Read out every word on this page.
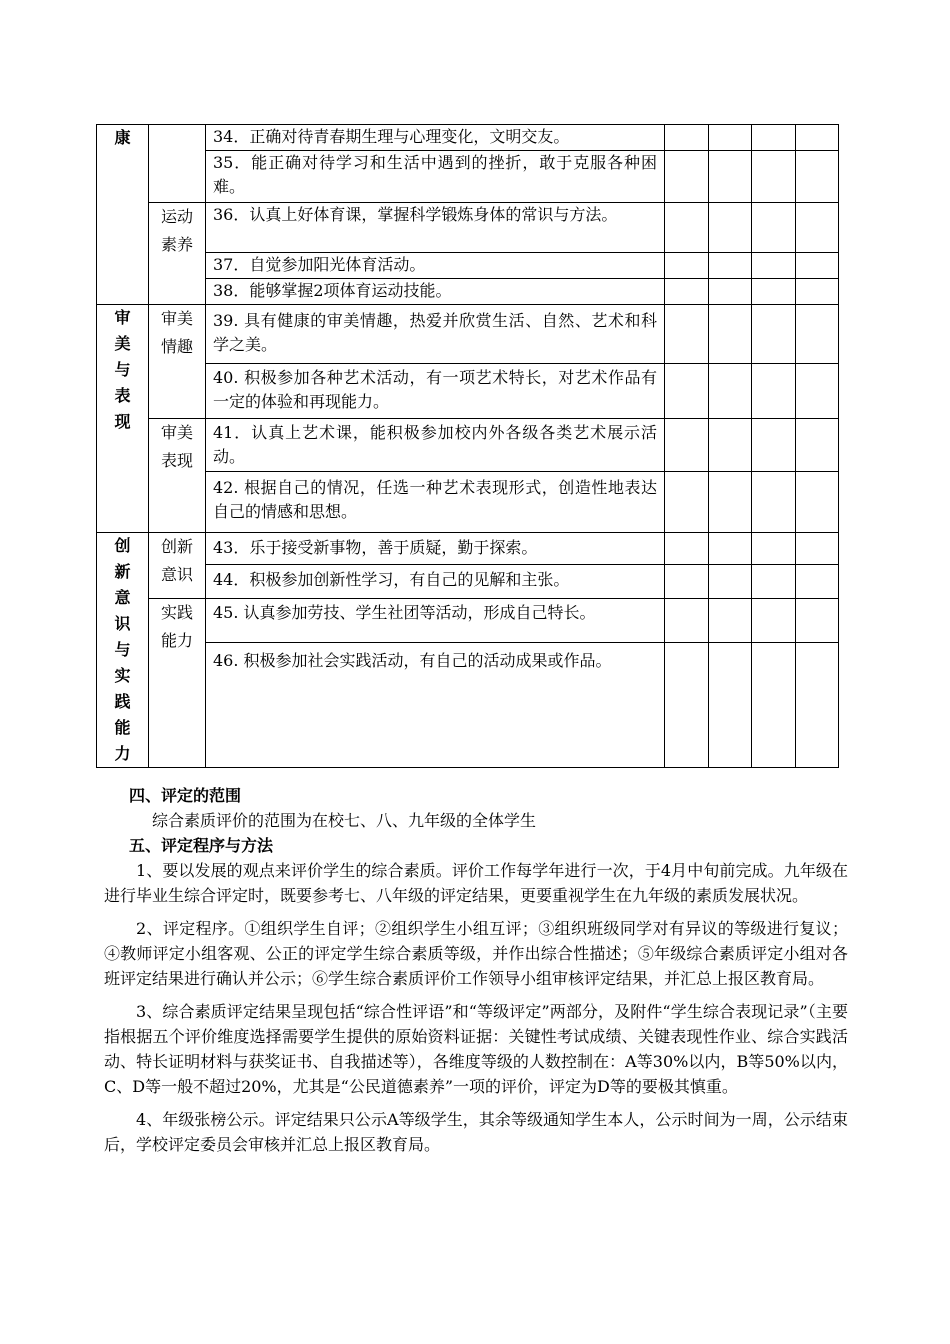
康		34．正确对待青春期生理与心理变化，文明交友。				
		35．能正确对待学习和生活中遇到的挫折，敢于克服各种困难。				
	运动素养	36．认真上好体育课，掌握科学锻炼身体的常识与方法。				
		37．自觉参加阳光体育活动。				
		38．能够掌握2项体育运动技能。				
审美与表现	审美情趣	39. 具有健康的审美情趣，热爱并欣赏生活、自然、艺术和科学之美。				
		40. 积极参加各种艺术活动，有一项艺术特长，对艺术作品有一定的体验和再现能力。				
	审美表现	41．认真上艺术课，能积极参加校内外各级各类艺术展示活动。				
		42. 根据自己的情况，任选一种艺术表现形式，创造性地表达自己的情感和思想。				
创新意识与实践能力	创新意识	43．乐于接受新事物，善于质疑，勤于探索。				
		44．积极参加创新性学习，有自己的见解和主张。				
	实践能力	45. 认真参加劳技、学生社团等活动，形成自己特长。				
		46. 积极参加社会实践活动，有自己的活动成果或作品。				

四、评定的范围

综合素质评价的范围为在校七、八、九年级的全体学生

五、评定程序与方法

1、要以发展的观点来评价学生的综合素质。评价工作每学年进行一次，于4月中旬前完成。九年级在进行毕业生综合评定时，既要参考七、八年级的评定结果，更要重视学生在九年级的素质发展状况。

2、评定程序。①组织学生自评；②组织学生小组互评；③组织班级同学对有异议的等级进行复议；④教师评定小组客观、公正的评定学生综合素质等级，并作出综合性描述；⑤年级综合素质评定小组对各班评定结果进行确认并公示；⑥学生综合素质评价工作领导小组审核评定结果，并汇总上报区教育局。

3、综合素质评定结果呈现包括“综合性评语”和“等级评定”两部分，及附件“学生综合表现记录”（主要指根据五个评价维度选择需要学生提供的原始资料证据：关键性考试成绩、关键表现性作业、综合实践活动、特长证明材料与获奖证书、自我描述等），各维度等级的人数控制在：A等30%以内，B等50%以内，C、D等一般不超过20%，尤其是“公民道德素养”一项的评价，评定为D等的要极其慎重。

4、年级张榜公示。评定结果只公示A等级学生，其余等级通知学生本人，公示时间为一周，公示结束后，学校评定委员会审核并汇总上报区教育局。
